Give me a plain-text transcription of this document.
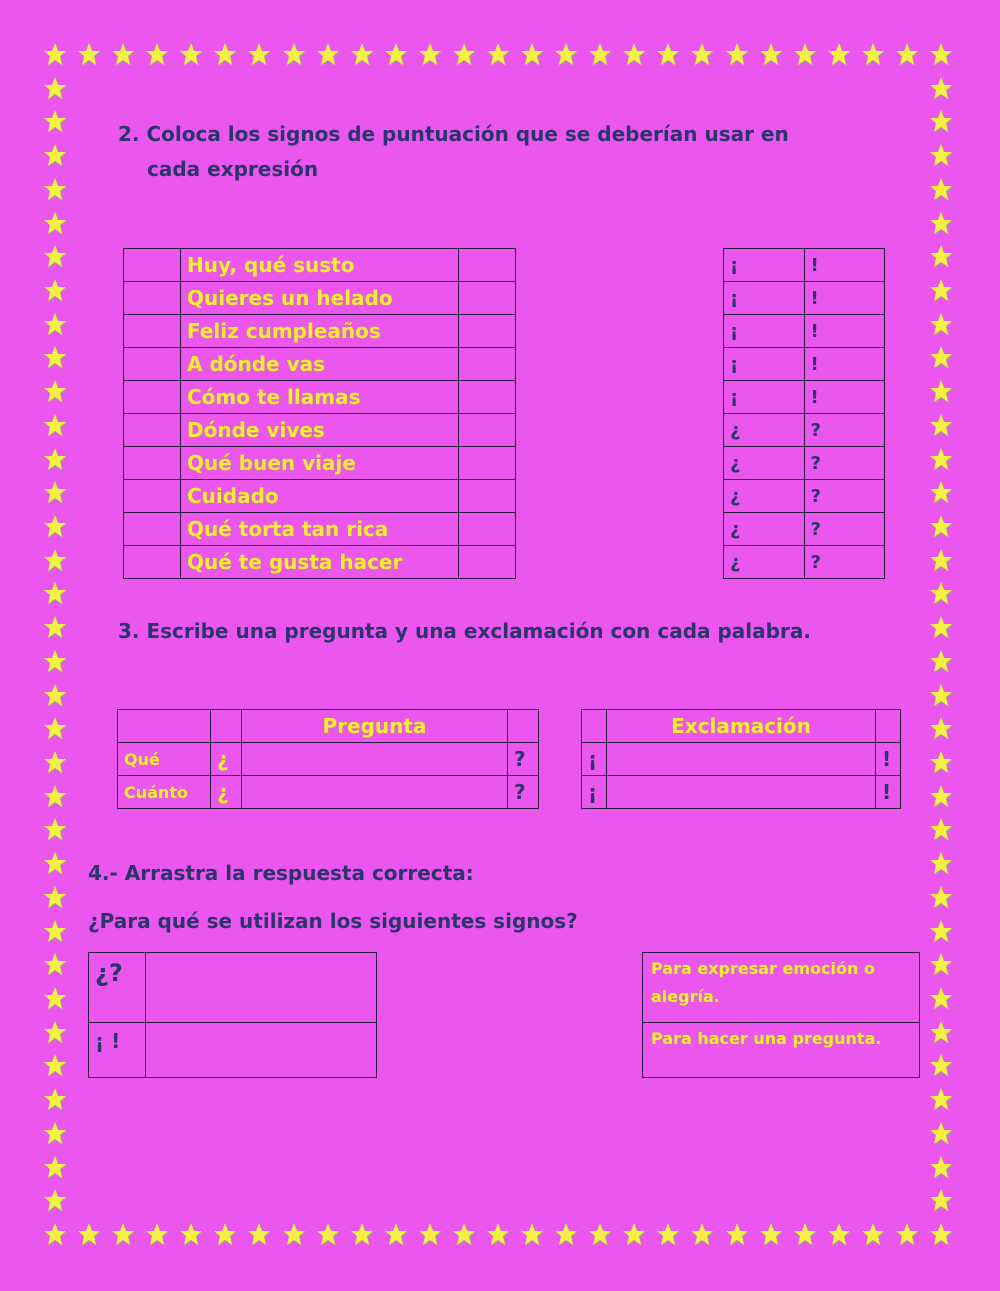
2. Coloca los signos de puntuación que se deberían usar en
cada expresión
	Huy, qué susto	
	Quieres un helado	
	Feliz cumpleaños	
	A dónde vas	
	Cómo te llamas	
	Dónde vives	
	Qué buen viaje	
	Cuidado	
	Qué torta tan rica	
	Qué te gusta hacer	
¡	!
¡	!
¡	!
¡	!
¡	!
¿	?
¿	?
¿	?
¿	?
¿	?
3. Escribe una pregunta y una exclamación con cada palabra.
		Pregunta	
Qué	¿		?
Cuánto	¿		?
	Exclamación	
¡		!
¡		!
4.- Arrastra la respuesta correcta:
¿Para qué se utilizan los siguientes signos?
¿?	
¡ !	
Para expresar emoción o alegría.
Para hacer una pregunta.
